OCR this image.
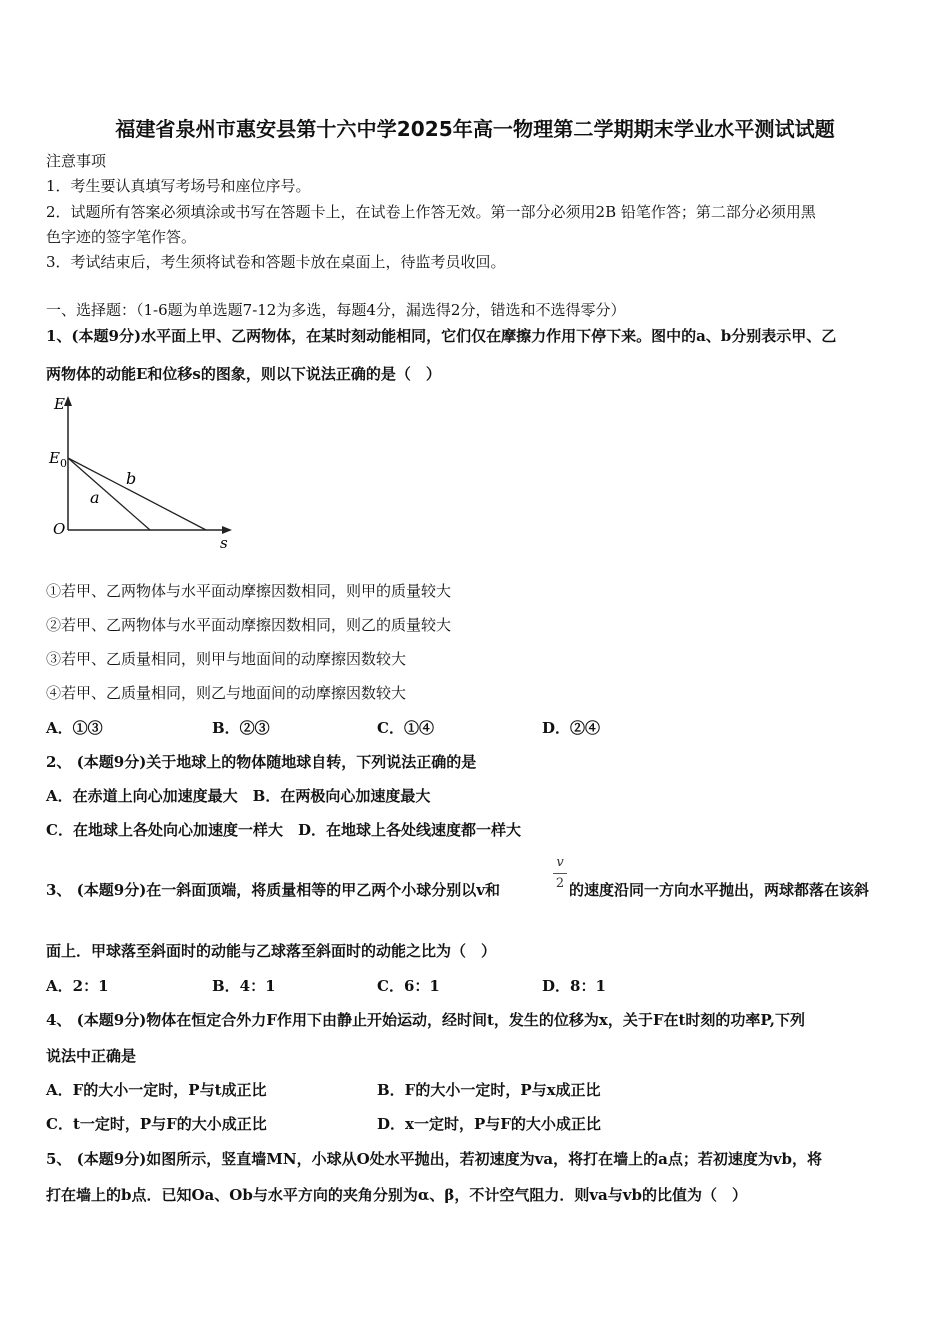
福建省泉州市惠安县第十六中学2025年高一物理第二学期期末学业水平测试试题
注意事项
1．考生要认真填写考场号和座位序号。
2．试题所有答案必须填涂或书写在答题卡上，在试卷上作答无效。第一部分必须用2B 铅笔作答；第二部分必须用黑
色字迹的签字笔作答。
3．考试结束后，考生须将试卷和答题卡放在桌面上，待监考员收回。
一、选择题：（1-6题为单选题7-12为多选，每题4分，漏选得2分，错选和不选得零分）
1、(本题9分)水平面上甲、乙两物体，在某时刻动能相同，它们仅在摩擦力作用下停下来。图中的a、b分别表示甲、乙
两物体的动能E和位移s的图象，则以下说法正确的是（　）
E
s
O
$E_0$
a
b
①若甲、乙两物体与水平面动摩擦因数相同，则甲的质量较大
②若甲、乙两物体与水平面动摩擦因数相同，则乙的质量较大
③若甲、乙质量相同，则甲与地面间的动摩擦因数较大
④若甲、乙质量相同，则乙与地面间的动摩擦因数较大
A．①③	B．②③	C．①④	D．②④
2、 (本题9分)关于地球上的物体随地球自转，下列说法正确的是
A．在赤道上向心加速度最大　B．在两极向心加速度最大
C．在地球上各处向心加速度一样大　D．在地球上各处线速度都一样大
3、 (本题9分)在一斜面顶端，将质量相等的甲乙两个小球分别以v和
v
2 的速度沿同一方向水平抛出，两球都落在该斜
面上．甲球落至斜面时的动能与乙球落至斜面时的动能之比为（　）
A．2：1	B．4：1	C．6：1	D．8：1
4、 (本题9分)物体在恒定合外力F作用下由静止开始运动，经时间t，发生的位移为x，关于F在t时刻的功率P,下列
说法中正确是
A．F的大小一定时，P与t成正比	B．F的大小一定时，P与x成正比
C．t一定时，P与F的大小成正比	D．x一定时，P与F的大小成正比
5、 (本题9分)如图所示，竖直墙MN，小球从O处水平抛出，若初速度为va，将打在墙上的a点；若初速度为vb，将
打在墙上的b点．已知Oa、Ob与水平方向的夹角分别为α、β，不计空气阻力．则va与vb的比值为（　）
